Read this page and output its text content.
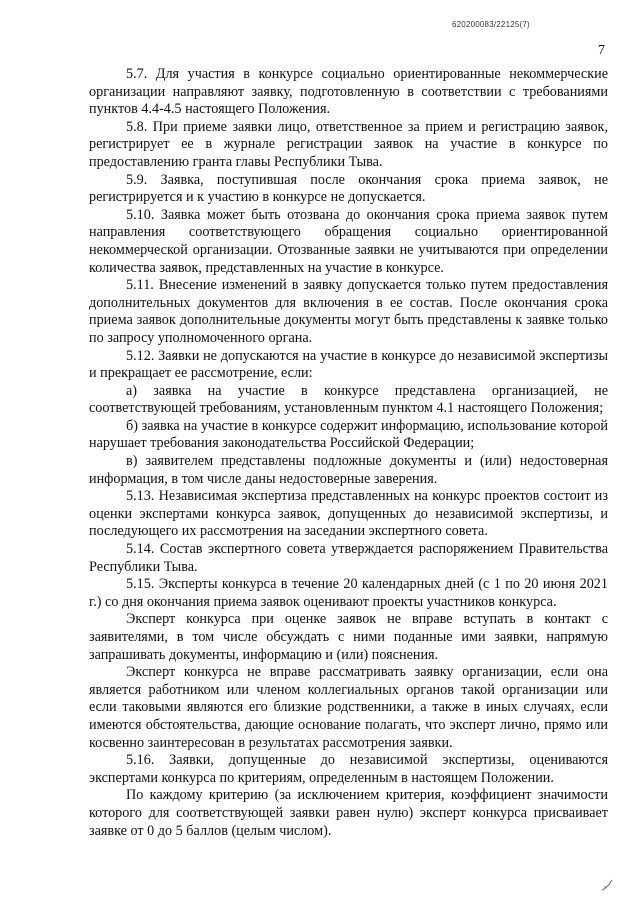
620200083/22125(7)
7

5.7. Для участия в конкурсе социально ориентированные некоммерческие организации направляют заявку, подготовленную в соответствии с требованиями пунктов 4.4-4.5 настоящего Положения.

5.8. При приеме заявки лицо, ответственное за прием и регистрацию заявок, регистрирует ее в журнале регистрации заявок на участие в конкурсе по предоставлению гранта главы Республики Тыва.

5.9. Заявка, поступившая после окончания срока приема заявок, не регистрируется и к участию в конкурсе не допускается.

5.10. Заявка может быть отозвана до окончания срока приема заявок путем направления соответствующего обращения социально ориентированной некоммерческой организации. Отозванные заявки не учитываются при определении количества заявок, представленных на участие в конкурсе.

5.11. Внесение изменений в заявку допускается только путем предоставления дополнительных документов для включения в ее состав. После окончания срока приема заявок дополнительные документы могут быть представлены к заявке только по запросу уполномоченного органа.

5.12. Заявки не допускаются на участие в конкурсе до независимой экспертизы и прекращает ее рассмотрение, если:

а) заявка на участие в конкурсе представлена организацией, не соответствующей требованиям, установленным пунктом 4.1 настоящего Положения;

б) заявка на участие в конкурсе содержит информацию, использование которой нарушает требования законодательства Российской Федерации;

в) заявителем представлены подложные документы и (или) недостоверная информация, в том числе даны недостоверные заверения.

5.13. Независимая экспертиза представленных на конкурс проектов состоит из оценки экспертами конкурса заявок, допущенных до независимой экспертизы, и последующего их рассмотрения на заседании экспертного совета.

5.14. Состав экспертного совета утверждается распоряжением Правительства Республики Тыва.

5.15. Эксперты конкурса в течение 20 календарных дней (с 1 по 20 июня 2021 г.) со дня окончания приема заявок оценивают проекты участников конкурса.

Эксперт конкурса при оценке заявок не вправе вступать в контакт с заявителями, в том числе обсуждать с ними поданные ими заявки, напрямую запрашивать документы, информацию и (или) пояснения.

Эксперт конкурса не вправе рассматривать заявку организации, если она является работником или членом коллегиальных органов такой организации или если таковыми являются его близкие родственники, а также в иных случаях, если имеются обстоятельства, дающие основание полагать, что эксперт лично, прямо или косвенно заинтересован в результатах рассмотрения заявки.

5.16. Заявки, допущенные до независимой экспертизы, оцениваются экспертами конкурса по критериям, определенным в настоящем Положении.

По каждому критерию (за исключением критерия, коэффициент значимости которого для соответствующей заявки равен нулю) эксперт конкурса присваивает заявке от 0 до 5 баллов (целым числом).
